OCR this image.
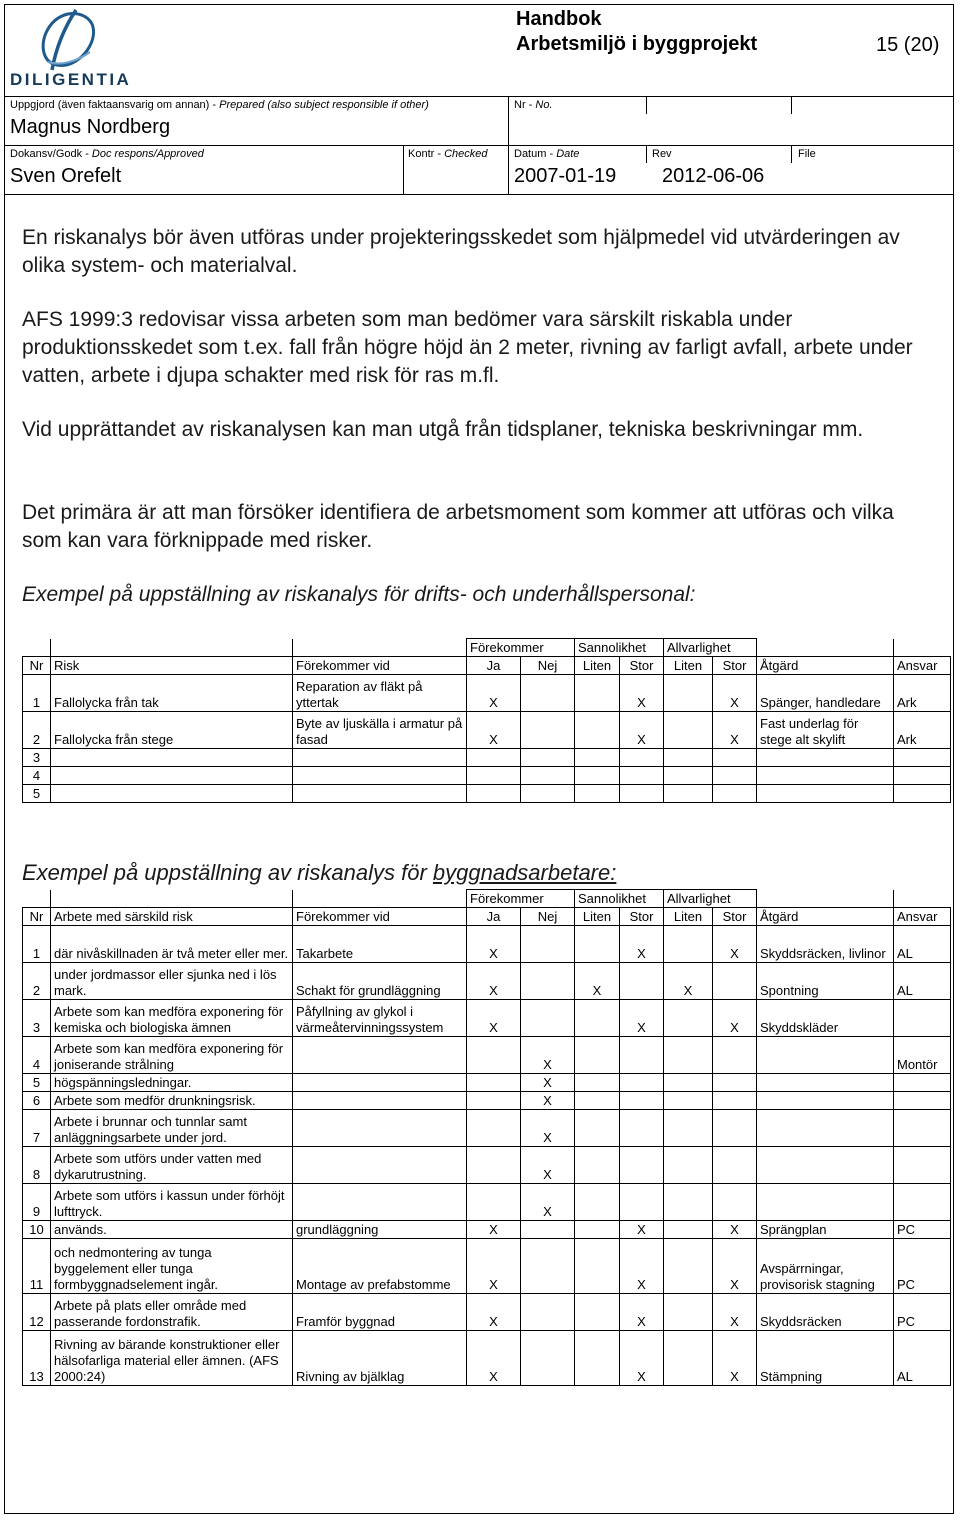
DILIGENTIA
Handbok
Arbetsmiljö i byggprojekt	15 (20)
Uppgjord (även faktaansvarig om annan) - Prepared (also subject responsible if other)	Nr - No.
Magnus Nordberg
Dokansv/Godk - Doc respons/Approved	Kontr - Checked Datum - Date	Rev	File
Sven Orefelt	2007-01-19 2012-06-06
En riskanalys bör även utföras under projekteringsskedet som hjälpmedel vid utvärderingen av olika system- och materialval.
AFS 1999:3 redovisar vissa arbeten som man bedömer vara särskilt riskabla under produktionsskedet som t.ex. fall från högre höjd än 2 meter, rivning av farligt avfall, arbete under vatten, arbete i djupa schakter med risk för ras m.fl.
Vid upprättandet av riskanalysen kan man utgå från tidsplaner, tekniska beskrivningar mm.
Det primära är att man försöker identifiera de arbetsmoment som kommer att utföras och vilka som kan vara förknippade med risker.
Exempel på uppställning av riskanalys för drifts- och underhållspersonal:
			Förekommer		Sannolikhet		Allvarlighet			
Nr	Risk	Förekommer vid	Ja	Nej	Liten	Stor	Liten	Stor	Åtgärd	Ansvar
1	Fallolycka från tak	Reparation av fläkt på yttertak	X			X		X	Spänger, handledare	Ark
2	Fallolycka från stege	Byte av ljuskälla i armatur på fasad	X			X		X	Fast underlag för stege alt skylift	Ark
3										
4										
5										
Exempel på uppställning av riskanalys för byggnadsarbetare:
			Förekommer		Sannolikhet		Allvarlighet			
Nr	Arbete med särskild risk	Förekommer vid	Ja	Nej	Liten	Stor	Liten	Stor	Åtgärd	Ansvar
1	där nivåskillnaden är två meter eller mer.	Takarbete	X			X		X	Skyddsräcken, livlinor	AL
2	under jordmassor eller sjunka ned i lös mark.	Schakt för grundläggning	X		X		X		Spontning	AL
3	Arbete som kan medföra exponering för kemiska och biologiska ämnen	Påfyllning av glykol i värmeåtervinningssystem	X			X		X	Skyddskläder	
4	Arbete som kan medföra exponering för joniserande strålning			X						Montör
5	högspänningsledningar.			X						
6	Arbete som medför drunkningsrisk.			X						
7	Arbete i brunnar och tunnlar samt anläggningsarbete under jord.			X						
8	Arbete som utförs under vatten med dykarutrustning.			X						
9	Arbete som utförs i kassun under förhöjt lufttryck.			X						
10	används.	grundläggning	X			X		X	Sprängplan	PC
11	och nedmontering av tunga byggelement eller tunga formbyggnadselement ingår.	Montage av prefabstomme	X			X		X	Avspärrningar, provisorisk stagning	PC
12	Arbete på plats eller område med passerande fordonstrafik.	Framför byggnad	X			X		X	Skyddsräcken	PC
13	Rivning av bärande konstruktioner eller hälsofarliga material eller ämnen. (AFS 2000:24)	Rivning av bjälklag	X			X		X	Stämpning	AL
